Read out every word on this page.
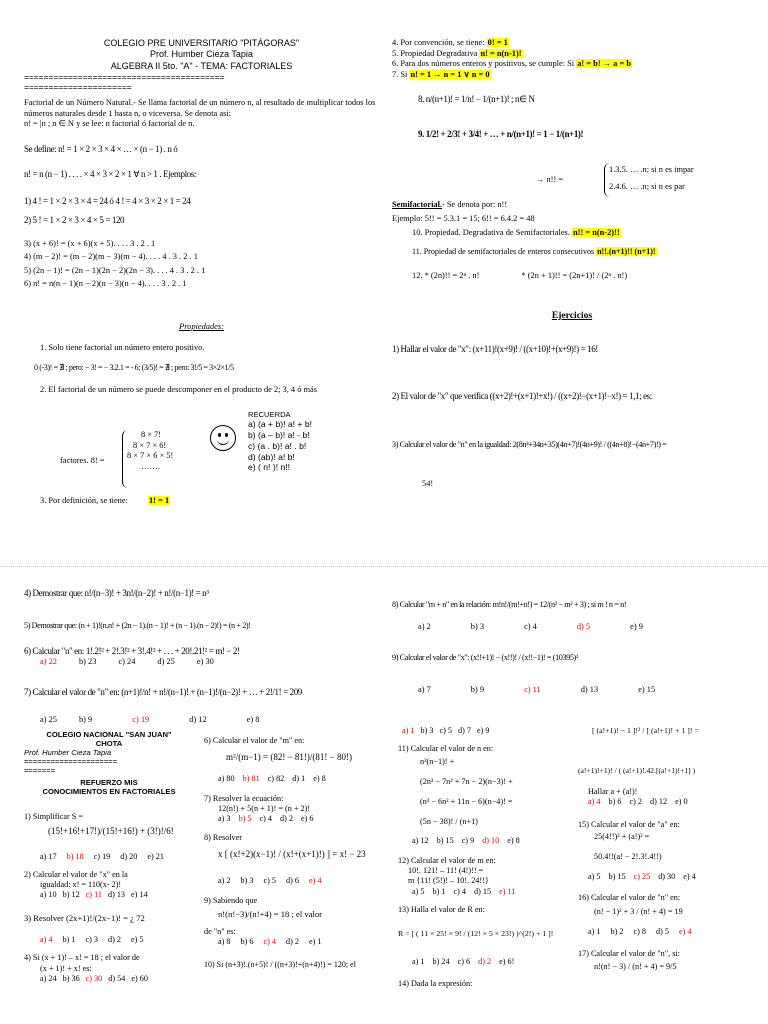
COLEGIO PRE UNIVERSITARIO "PITÁGORAS"
Prof. Humber Cieza Tapia
ALGEBRA II 5to. "A" - TEMA: FACTORIALES
=========================================
======================
Factorial de un Número Natural.- Se llama factorial de un número n, al resultado de multiplicar todos los números naturales desde 1 hasta n, o viceversa. Se denota así:
n! = |n ; n ∈ N y se lee: n factorial ó factorial de n.
Se define: n! = 1 × 2 × 3 × 4 × … × (n − 1) . n ó
n! = n (n − 1) . . . . × 4 × 3 × 2 × 1 ∀ n > 1 . Ejemplos:
1) 4 ! = 1 × 2 × 3 × 4 = 24 ó 4 ! = 4 × 3 × 2 × 1 = 24
2) 5 ! = 1 × 2 × 3 × 4 × 5 = 120
3) (x + 6)! = (x + 6)(x + 5). . . . 3 . 2 . 1
4) (m − 2)! = (m − 2)(m − 3)(m − 4). . . . 4 . 3 . 2 . 1
5) (2n − 1)! = (2n − 1)(2n − 2)(2n − 3). . . . 4 . 3 . 2 . 1
6) n! = n(n − 1)(n − 2)(n − 3)(n − 4). . . . 3 . 2 . 1
Propiedades:
1. Solo tiene factorial un número entero positivo.
0 (-3)! = ∄ ; pero: − 3! = − 3.2.1 = - 6; (3/5)! = ∄ ; pero: 3!/5 = 3×2×1/5
2. El factorial de un número se puede descomponer en el producto de 2; 3, 4 ó más
factores. 8! =
8 × 7!
8 × 7 × 6!
8 × 7 × 6 × 5!
…….
RECUERDA
a) (a + b)! a! + b!
b) (a – b)! a! - b!
c) (a . b)! a! . b!
d) (ab)! a! b!
e) ( n! )! n!!
3. Por definición, se tiene:	1! = 1
4. Por convención, se tiene: 0! = 1
5. Propiedad Degradativa n! = n(n-1)!
6. Para dos números enteros y positivos, se cumple: Si a! = b! → a = b
7. Si n! = 1 → n = 1 ∨ n = 0
8. n/(n+1)! = 1/n! − 1/(n+1)! ; n∈ N
9. 1/2! + 2/3! + 3/4! + … + n/(n+1)! = 1 − 1/(n+1)!
→ n!! =
1.3.5. … .n; si n es impar
2.4.6. … .n; si n es par
Semifactorial.- Se denota por: n!!
Ejemplo: 5!! = 5.3.1 = 15; 6!! = 6.4.2 = 48
10. Propiedad. Degradativa de Semifactoriales. n!! = n(n-2)!!
11. Propiedad de semifactoriales de enteros consecutivos n!!.(n+1)!! (n+1)!
12. * (2n)!! = 2ⁿ . n!	* (2n + 1)!! = (2n+1)! / (2ⁿ . n!)
Ejercicios
1) Hallar el valor de "x": (x+11)!(x+9)! / ((x+10)!+(x+9)!) = 16!
2) El valor de "x" que verifica ((x+2)!+(x+1)!+x!) / ((x+2)!−(x+1)!−x!) = 1,1; es:
3) Calcular el valor de "n" en la igualdad: 2(8n²+34n+35)(4n+7)!(4n+9)! / ((4n+8)!−(4n+7)!) =
54!
4) Demostrar que: n!/(n−3)! + 3n!/(n−2)! + n!/(n−1)! = n³
5) Demostrar que: (n + 1)!(n.n! + (2n − 1).(n − 1)! + (n − 1).(n − 2)!) = (n + 2)!
6) Calcular "n" en: 1!.2!² + 2!.3!² + 3!.4!² + . . . + 20!.21!² = m! − 2!
a) 22	b) 23	c) 24	d) 25	e) 30
7) Calcular el valor de "n" en: (n+1)!/n! + n!/(n−1)! + (n−1)!/(n−2)! + … + 2!/1! = 209
a) 25	b) 9	c) 19	d) 12	e) 8
COLEGIO NACIONAL "SAN JUAN"
CHOTA
Prof. Humber Cieza Tapia
=====================
=======
REFUERZO MIS
CONOCIMIENTOS EN FACTORIALES
1) Simplificar S =
(15!+16!+17!)/(15!+16!) + (3!)!/6!
a) 17 b) 18 c) 19 d) 20 e) 21
2) Calcular el valor de "x" en la
igualdad: x! = 110(x- 2)!
a) 10 b) 12 c) 11 d) 13 e) 14
3) Resolver (2x+1)!/(2x−1)! = ¿ 72
a) 4 b) 1 c) 3 d) 2 e) 5
4) Si (x + 1)! – x! = 18 ; el valor de
(x + 1)! + x! es:
a) 24 b) 36 c) 30 d) 54 e) 60
6) Calcular el valor de "m" en:
m²/(m−1) = (82! − 81!)/(81! − 80!)
a) 80 b) 81 c) 82 d) 1 e) 8
7) Resolver la ecuación:
12(n!) + 5(n + 1)! = (n + 2)!
a) 3 b) 5 c) 4 d) 2 e) 6
8) Resolver
x [ (x!+2)(x−1)! / (x!+(x+1)!) ] = x! − 23
a) 2 b) 3 c) 5 d) 6 e) 4
9) Sabiendo que
n!(n!−3)/(n!+4) = 18 ; el valor
de "n" es:
a) 8 b) 6 c) 4 d) 2 e) 1
10) Si (n+3)!.(n+5)! / ((n+3)!+(n+4)!) = 120; el
8) Calcular "m + n" en la relación: m!n!/(m!+n!) = 12/(n² − m² + 3) ; si m ! n = n!
a) 2	b) 3	c) 4	d) 5	e) 9
9) Calcular el valor de "x": (x!!+1)! − (x!!)! / (x!!−1)! = (10395)²
a) 7	b) 9	c) 11	d) 13	e) 15
a) 1 b) 3 c) 5 d) 7 e) 9
11) Calcular el valor de n en:
n²(n−1)! +
(2n³ − 7n² + 7n − 2)(n−3)! +
(n³ − 6n² + 11n − 6)(n−4)! =
(5n − 38)! / (n+1)
a) 12 b) 15 c) 9 d) 10 e) 8
12) Calcular el valor de m en:
10!. 121! – 11! (4!)!! =
m {11! (5!)! – 10!. 24!!}
a) 5 b) 1 c) 4 d) 15 e) 11
13) Halla el valor de R en:
R = [ ( 11 × 25! × 9! / (12! × 5 × 23!) )^(2!) + 1 ]!
a) 1 b) 24 c) 6 d) 2 e) 6!
14) Dada la expresión:
[ (a!+1)! − 1 ]!² / [ (a!+1)! + 1 ]! =
(a!+1)!+1)! / ( (a!+1)!.42.[(a!+1)!+1] )
Hallar a + (a!)!
a) 4 b) 6 c) 2 d) 12 e) 0
15) Calcular el valor de "a" en:
25(4!!)² + (a!)² =
50.4!!(a! − 2!.3!.4!!)
a) 5 b) 15 c) 25 d) 30 e) 4
16) Calcular el valor de "n" en:
(n! − 1)² + 3 / (n! + 4) = 19
a) 1 b) 2 c) 8 d) 5 e) 4
17) Calcular el valor de "n", si:
n!(n! − 3) / (n! + 4) = 9/5
